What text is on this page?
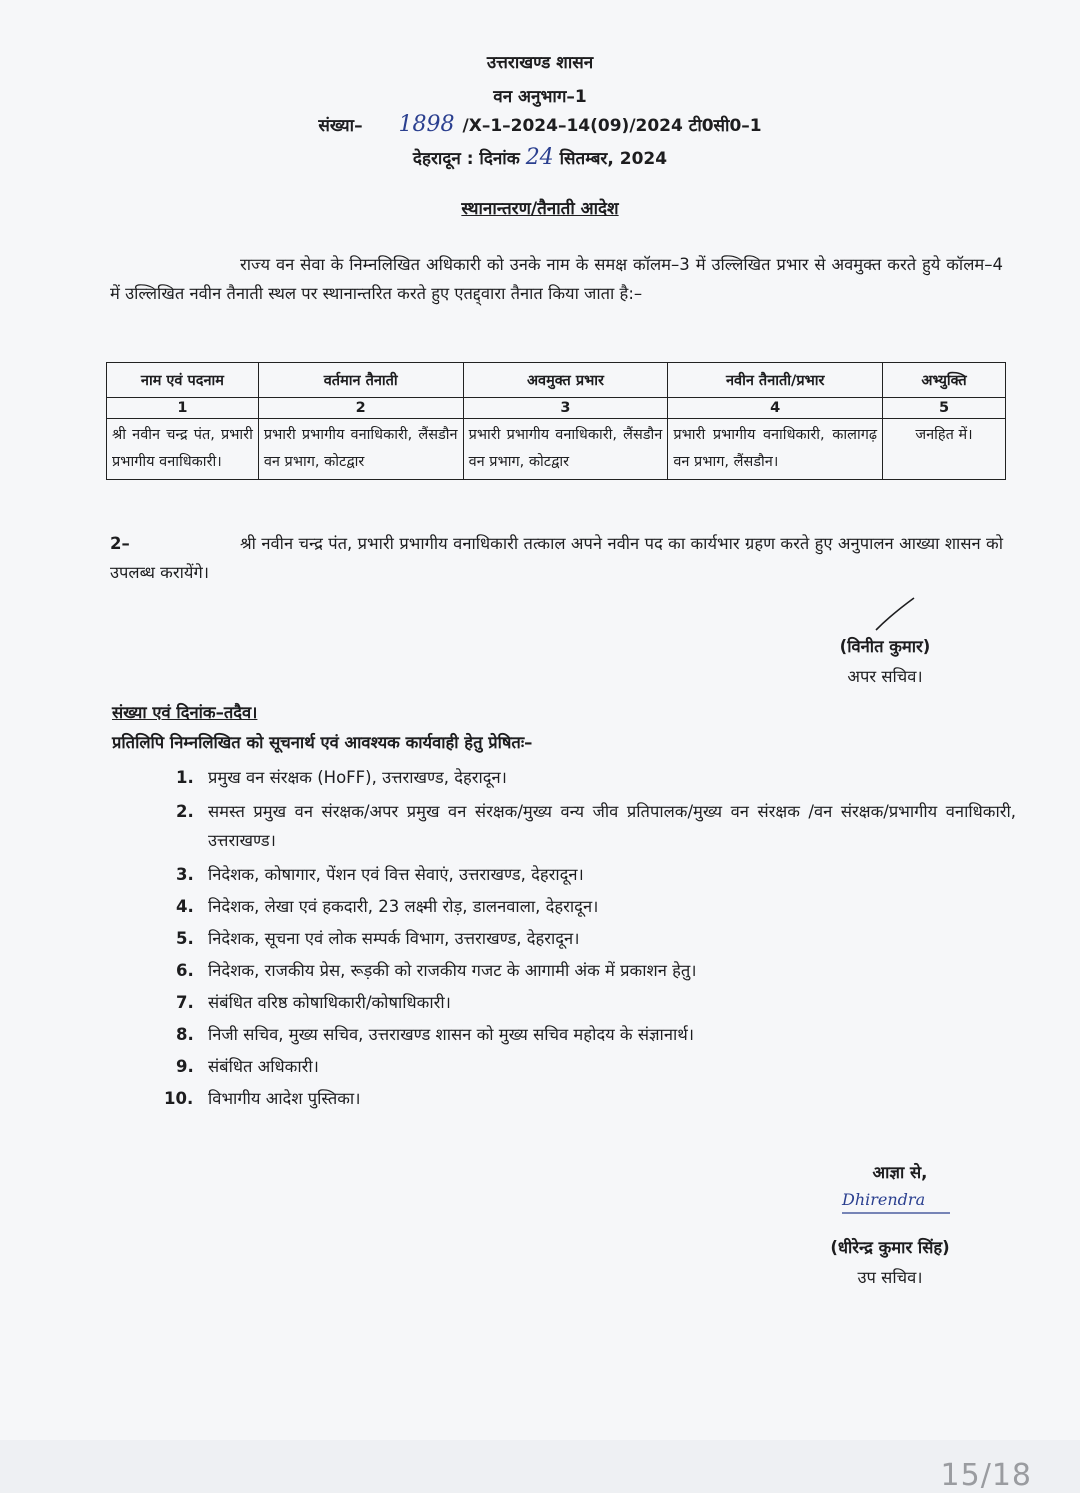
उत्तराखण्ड शासन
वन अनुभाग–1
संख्या– 1898 /X–1–2024–14(09)/2024 टी0सी0–1
देहरादून : दिनांक 24 सितम्बर, 2024
स्थानान्तरण/तैनाती आदेश
राज्य वन सेवा के निम्नलिखित अधिकारी को उनके नाम के समक्ष कॉलम–3 में उल्लिखित प्रभार से अवमुक्त करते हुये कॉलम–4 में उल्लिखित नवीन तैनाती स्थल पर स्थानान्तरित करते हुए एतद्द्वारा तैनात किया जाता है:–
नाम एवं पदनाम	वर्तमान तैनाती	अवमुक्त प्रभार	नवीन तैनाती/प्रभार	अभ्युक्ति
1	2	3	4	5
श्री नवीन चन्द्र पंत, प्रभारी प्रभागीय वनाधिकारी।	प्रभारी प्रभागीय वनाधिकारी, लैंसडौन वन प्रभाग, कोटद्वार	प्रभारी प्रभागीय वनाधिकारी, लैंसडौन वन प्रभाग, कोटद्वार	प्रभारी प्रभागीय वनाधिकारी, कालागढ़ वन प्रभाग, लैंसडौन।	जनहित में।
2–	श्री नवीन चन्द्र पंत, प्रभारी प्रभागीय वनाधिकारी तत्काल अपने नवीन पद का कार्यभार ग्रहण करते हुए अनुपालन आख्या शासन को उपलब्ध करायेंगे।
(विनीत कुमार)
अपर सचिव।
संख्या एवं दिनांक–तदैव।
प्रतिलिपि निम्नलिखित को सूचनार्थ एवं आवश्यक कार्यवाही हेतु प्रेषितः–
1. प्रमुख वन संरक्षक (HoFF), उत्तराखण्ड, देहरादून।
2. समस्त प्रमुख वन संरक्षक/अपर प्रमुख वन संरक्षक/मुख्य वन्य जीव प्रतिपालक/मुख्य वन संरक्षक /वन संरक्षक/प्रभागीय वनाधिकारी, उत्तराखण्ड।
3. निदेशक, कोषागार, पेंशन एवं वित्त सेवाएं, उत्तराखण्ड, देहरादून।
4. निदेशक, लेखा एवं हकदारी, 23 लक्ष्मी रोड़, डालनवाला, देहरादून।
5. निदेशक, सूचना एवं लोक सम्पर्क विभाग, उत्तराखण्ड, देहरादून।
6. निदेशक, राजकीय प्रेस, रूड़की को राजकीय गजट के आगामी अंक में प्रकाशन हेतु।
7. संबंधित वरिष्ठ कोषाधिकारी/कोषाधिकारी।
8. निजी सचिव, मुख्य सचिव, उत्तराखण्ड शासन को मुख्य सचिव महोदय के संज्ञानार्थ।
9. संबंधित अधिकारी।
10. विभागीय आदेश पुस्तिका।
आज्ञा से,
Dhirendra
(धीरेन्द्र कुमार सिंह)
उप सचिव।
15/18
